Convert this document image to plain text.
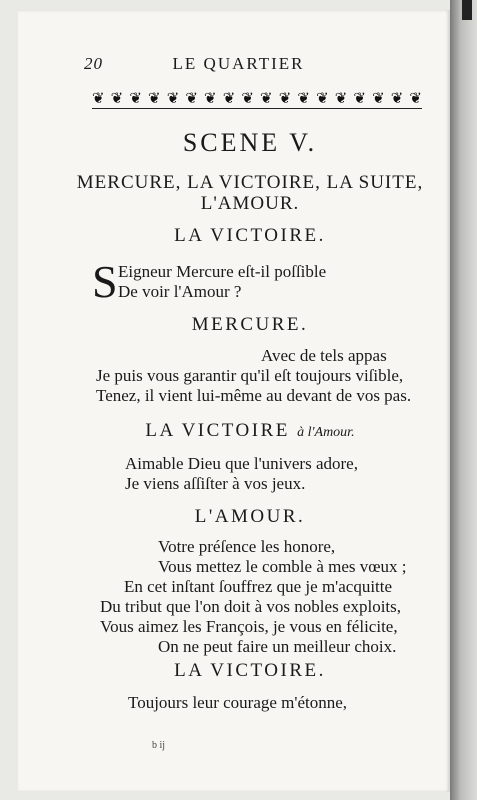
20	LE QUARTIER
❦ ❦ ❦ ❦ ❦ ❦ ❦ ❦ ❦ ❦ ❦ ❦ ❦ ❦ ❦ ❦ ❦ ❦
SCENE V.
MERCURE, LA VICTOIRE, LA SUITE,
L'AMOUR.
LA VICTOIRE.
S Eigneur Mercure eſt-il poſſible
De voir l'Amour ?
MERCURE.
Avec de tels appas
Je puis vous garantir qu'il eſt toujours viſible,
Tenez, il vient lui-même au devant de vos pas.
LA VICTOIRE à l'Amour.
Aimable Dieu que l'univers adore,
Je viens aſſiſter à vos jeux.
L'AMOUR.
Votre préſence les honore,
Vous mettez le comble à mes vœux ;
En cet inſtant ſouffrez que je m'acquitte
Du tribut que l'on doit à vos nobles exploits,
Vous aimez les François, je vous en félicite,
On ne peut faire un meilleur choix.
LA VICTOIRE.
Toujours leur courage m'étonne,
b ij
